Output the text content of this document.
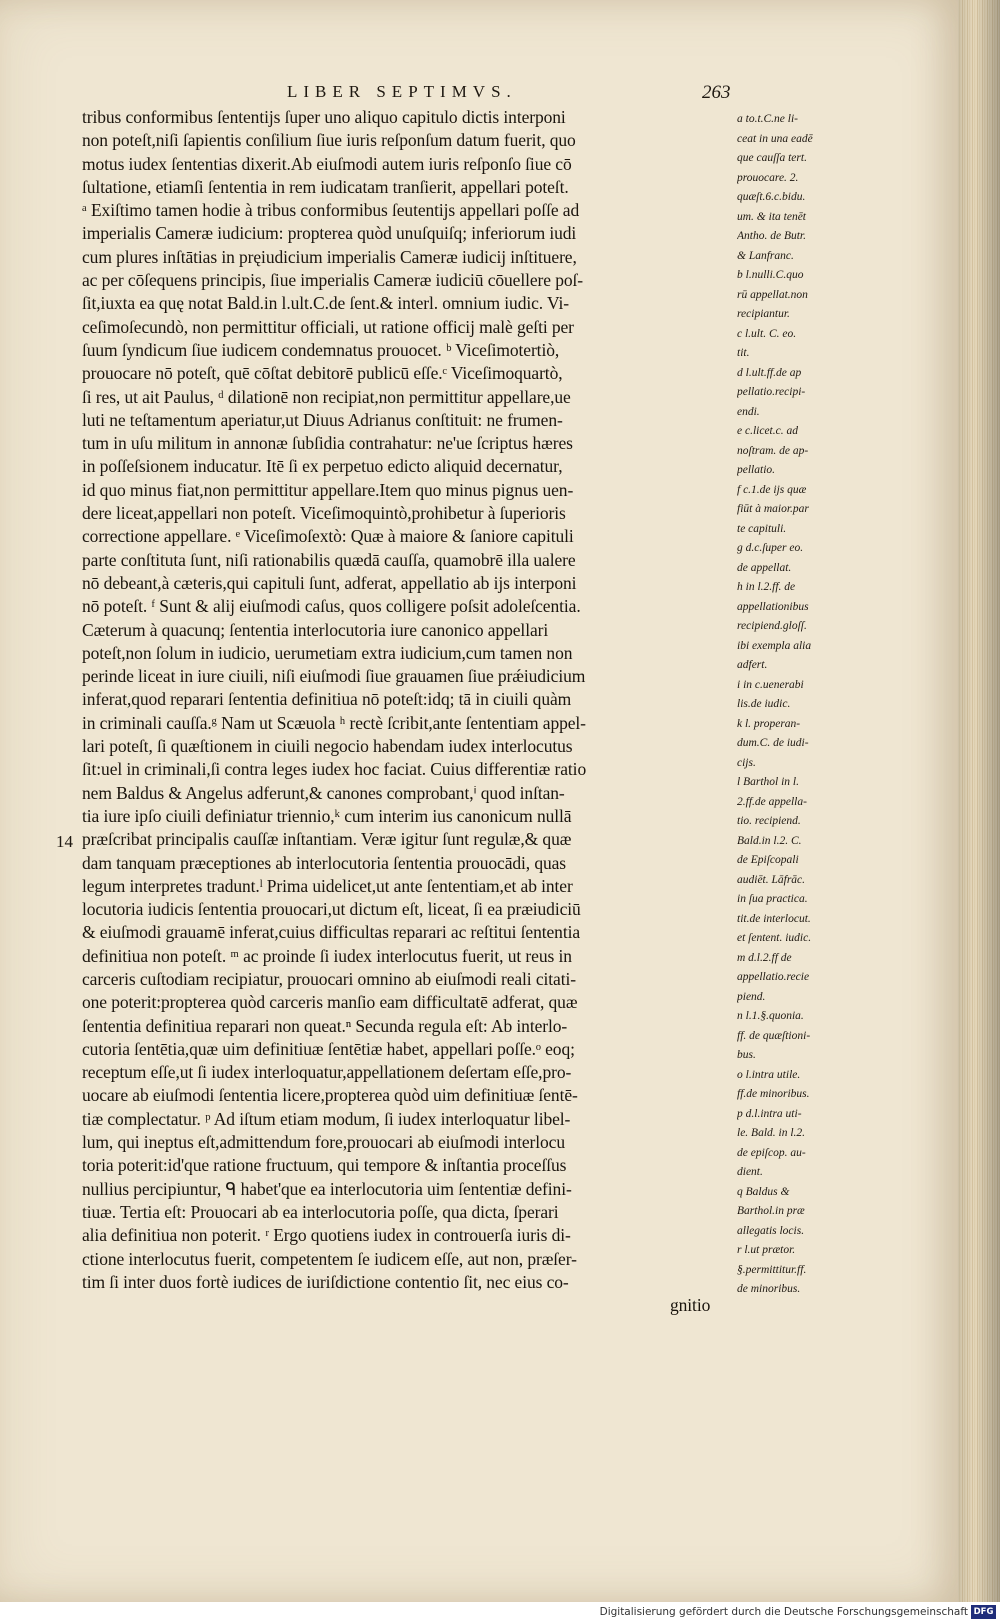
LIBER SEPTIMVS.	263
14
tribus conformibus ſententijs ſuper uno aliquo capitulo dictis interponi
non poteſt,niſi ſapientis conſilium ſiue iuris reſponſum datum fuerit, quo
motus iudex ſententias dixerit.Ab eiuſmodi autem iuris reſponſo ſiue cō
ſultatione, etiamſi ſententia in rem iudicatam tranſierit, appellari poteſt.
ᵃ Exiſtimo tamen hodie à tribus conformibus ſeutentijs appellari poſſe ad
imperialis Cameræ iudicium: propterea quòd unuſquiſq; inferiorum iudi
cum plures inſtātias in pręiudicium imperialis Cameræ iudicij inſtituere,
ac per cōſequens principis, ſiue imperialis Cameræ iudiciū cōuellere poſ-
ſit,iuxta ea quę notat Bald.in l.ult.C.de ſent.& interl. omnium iudic. Vi-
ceſimoſecundò, non permittitur officiali, ut ratione officij malè geſti per
ſuum ſyndicum ſiue iudicem condemnatus prouocet. ᵇ Viceſimotertiò,
prouocare nō poteſt, quē cōſtat debitorē publicū eſſe.ᶜ Viceſimoquartò,
ſi res, ut ait Paulus, ᵈ dilationē non recipiat,non permittitur appellare,ue
luti ne teſtamentum aperiatur,ut Diuus Adrianus conſtituit: ne frumen-
tum in uſu militum in annonæ ſubſidia contrahatur: ne'ue ſcriptus hæres
in poſſeſsionem inducatur. Itē ſi ex perpetuo edicto aliquid decernatur,
id quo minus fiat,non permittitur appellare.Item quo minus pignus uen-
dere liceat,appellari non poteſt. Viceſimoquintò,prohibetur à ſuperioris
correctione appellare. ᵉ Viceſimoſextò: Quæ à maiore & ſaniore capituli
parte conſtituta ſunt, niſi rationabilis quædā cauſſa, quamobrē illa ualere
nō debeant,à cæteris,qui capituli ſunt, adferat, appellatio ab ijs interponi
nō poteſt. ᶠ Sunt & alij eiuſmodi caſus, quos colligere poſsit adoleſcentia.
Cæterum à quacunq; ſententia interlocutoria iure canonico appellari
poteſt,non ſolum in iudicio, uerumetiam extra iudicium,cum tamen non
perinde liceat in iure ciuili, niſi eiuſmodi ſiue grauamen ſiue prǽiudicium
inferat,quod reparari ſententia definitiua nō poteſt:idq; tā in ciuili quàm
in criminali cauſſa.ᵍ Nam ut Scæuola ʰ rectè ſcribit,ante ſententiam appel-
lari poteſt, ſi quæſtionem in ciuili negocio habendam iudex interlocutus
ſit:uel in criminali,ſi contra leges iudex hoc faciat. Cuius differentiæ ratio
nem Baldus & Angelus adferunt,& canones comprobant,ⁱ quod inſtan-
tia iure ipſo ciuili definiatur triennio,ᵏ cum interim ius canonicum nullā
præſcribat principalis cauſſæ inſtantiam. Veræ igitur ſunt regulæ,& quæ
dam tanquam præceptiones ab interlocutoria ſententia prouocādi, quas
legum interpretes tradunt.ˡ Prima uidelicet,ut ante ſententiam,et ab inter
locutoria iudicis ſententia prouocari,ut dictum eſt, liceat, ſi ea præiudiciū
& eiuſmodi grauamē inferat,cuius difficultas reparari ac reſtitui ſententia
definitiua non poteſt. ᵐ ac proinde ſi iudex interlocutus fuerit, ut reus in
carceris cuſtodiam recipiatur, prouocari omnino ab eiuſmodi reali citati-
one poterit:propterea quòd carceris manſio eam difficultatē adferat, quæ
ſententia definitiua reparari non queat.ⁿ Secunda regula eſt: Ab interlo-
cutoria ſentētia,quæ uim definitiuæ ſentētiæ habet, appellari poſſe.ᵒ eoq;
receptum eſſe,ut ſi iudex interloquatur,appellationem deſertam eſſe,pro-
uocare ab eiuſmodi ſententia licere,propterea quòd uim definitiuæ ſentē-
tiæ complectatur. ᵖ Ad iſtum etiam modum, ſi iudex interloquatur libel-
lum, qui ineptus eſt,admittendum fore,prouocari ab eiuſmodi interlocu
toria poterit:id'que ratione fructuum, qui tempore & inſtantia proceſſus
nullius percipiuntur, ᑫ habet'que ea interlocutoria uim ſententiæ defini-
tiuæ. Tertia eſt: Prouocari ab ea interlocutoria poſſe, qua dicta, ſperari
alia definitiua non poterit. ʳ Ergo quotiens iudex in controuerſa iuris di-
ctione interlocutus fuerit, competentem ſe iudicem eſſe, aut non, præſer-
tim ſi inter duos fortè iudices de iuriſdictione contentio ſit, nec eius co-
gnitio
a to.t.C.ne li-
ceat in una eadē
que cauſſa tert.
prouocare. 2.
quæſt.6.c.bidu.
um. & ita tenēt
Antho. de Butr.
& Lanfranc.
b l.nulli.C.quo
rū appellat.non
recipiantur.
c l.ult. C. eo.
tit.
d l.ult.ff.de ap
pellatio.recipi-
endi.
e c.licet.c. ad
noſtram. de ap-
pellatio.
f c.1.de ijs quæ
fiūt à maior.par
te capituli.
g d.c.ſuper eo.
de appellat.
h in l.2.ff. de
appellationibus
recipiend.gloſſ.
ibi exempla alia
adfert.
i in c.uenerabi
lis.de iudic.
k l. properan-
dum.C. de iudi-
cijs.
l Barthol in l.
2.ff.de appella-
tio. recipiend.
Bald.in l.2. C.
de Epiſcopali
audiēt. Lāfrāc.
in ſua practica.
tit.de interlocut.
et ſentent. iudic.
m d.l.2.ff de
appellatio.recie
piend.
n l.1.§.quonia.
ff. de quæſtioni-
bus.
o l.intra utile.
ff.de minoribus.
p d.l.intra uti-
le. Bald. in l.2.
de epiſcop. au-
dient.
q Baldus &
Barthol.in præ
allegatis locis.
r l.ut prætor.
§.permittitur.ff.
de minoribus.
Digitalisierung gefördert durch die Deutsche Forschungsgemeinschaft DFG
